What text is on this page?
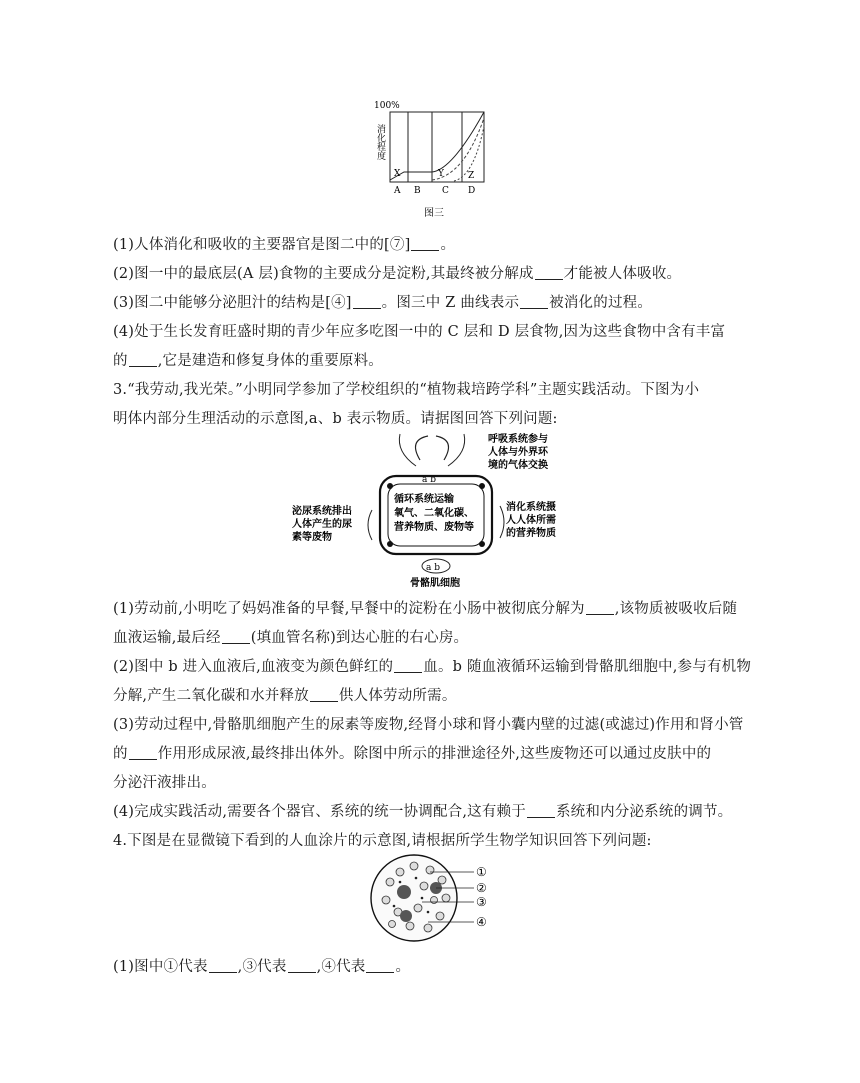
100%
消化程度
X	Y	Z
A B C D
图三
(1)人体消化和吸收的主要器官是图二中的[⑦] 。
(2)图一中的最底层(A 层)食物的主要成分是淀粉,其最终被分解成 才能被人体吸收。
(3)图二中能够分泌胆汁的结构是[④] 。图三中 Z 曲线表示 被消化的过程。
(4)处于生长发育旺盛时期的青少年应多吃图一中的 C 层和 D 层食物,因为这些食物中含有丰富
的 ,它是建造和修复身体的重要原料。
3.“我劳动,我光荣。”小明同学参加了学校组织的“植物栽培跨学科”主题实践活动。下图为小
明体内部分生理活动的示意图,a、b 表示物质。请据图回答下列问题:
a b
循环系统运输
氧气、二氧化碳、
营养物质、废物等
呼吸系统参与
人体与外界环
境的气体交换
泌尿系统排出
人体产生的尿
素等废物
消化系统摄
人人体所需
的营养物质
a b
骨骼肌细胞
(1)劳动前,小明吃了妈妈准备的早餐,早餐中的淀粉在小肠中被彻底分解为 ,该物质被吸收后随
血液运输,最后经 (填血管名称)到达心脏的右心房。
(2)图中 b 进入血液后,血液变为颜色鲜红的 血。b 随血液循环运输到骨骼肌细胞中,参与有机物
分解,产生二氧化碳和水并释放 供人体劳动所需。
(3)劳动过程中,骨骼肌细胞产生的尿素等废物,经肾小球和肾小囊内壁的过滤(或滤过)作用和肾小管
的 作用形成尿液,最终排出体外。除图中所示的排泄途径外,这些废物还可以通过皮肤中的
分泌汗液排出。
(4)完成实践活动,需要各个器官、系统的统一协调配合,这有赖于 系统和内分泌系统的调节。
4.下图是在显微镜下看到的人血涂片的示意图,请根据所学生物学知识回答下列问题:
①
②
③
④
(1)图中①代表 ,③代表 ,④代表 。
